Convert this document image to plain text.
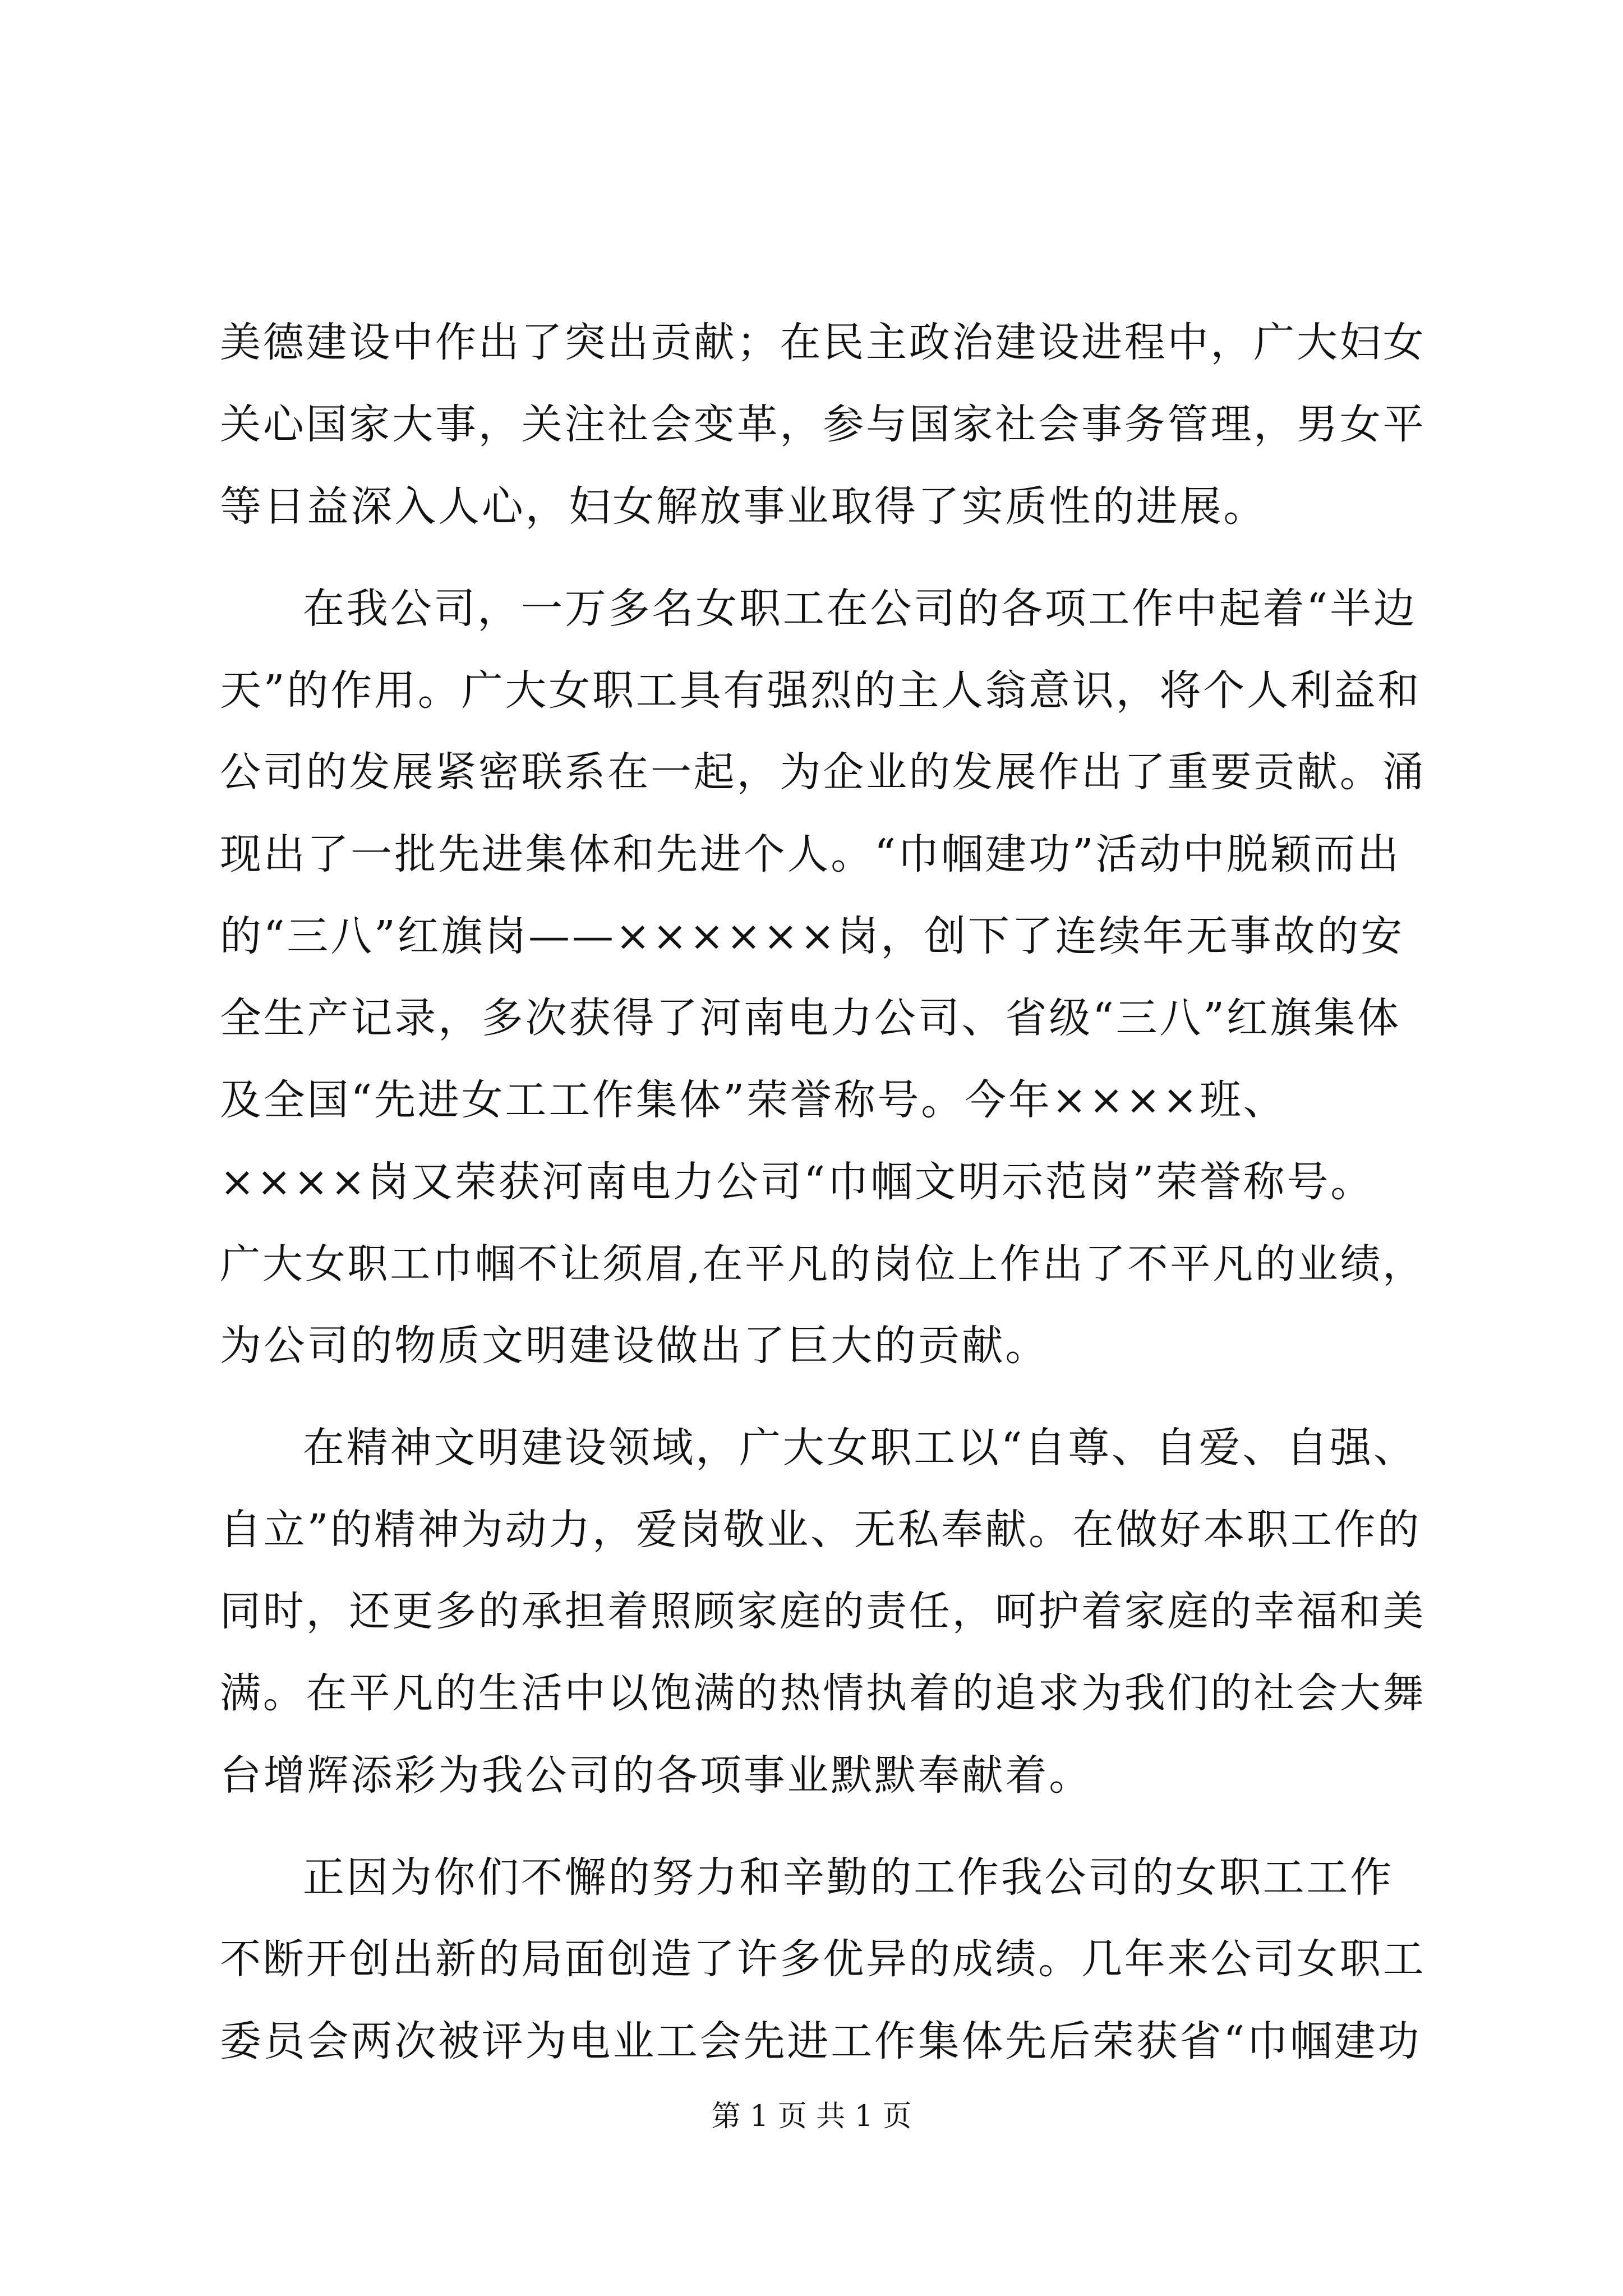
美德建设中作出了突出贡献；在民主政治建设进程中，广大妇女
关心国家大事，关注社会变革，参与国家社会事务管理，男女平
等日益深入人心，妇女解放事业取得了实质性的进展。
在我公司，一万多名女职工在公司的各项工作中起着“半边
天”的作用。广大女职工具有强烈的主人翁意识，将个人利益和
公司的发展紧密联系在一起，为企业的发展作出了重要贡献。涌
现出了一批先进集体和先进个人。“巾帼建功”活动中脱颖而出
的“三八”红旗岗——××××××岗，创下了连续年无事故的安
全生产记录，多次获得了河南电力公司、省级“三八”红旗集体
及全国“先进女工工作集体”荣誉称号。今年××××班、
××××岗又荣获河南电力公司“巾帼文明示范岗”荣誉称号。
广大女职工巾帼不让须眉,在平凡的岗位上作出了不平凡的业绩，
为公司的物质文明建设做出了巨大的贡献。
在精神文明建设领域，广大女职工以“自尊、自爱、自强、
自立”的精神为动力，爱岗敬业、无私奉献。在做好本职工作的
同时，还更多的承担着照顾家庭的责任，呵护着家庭的幸福和美
满。在平凡的生活中以饱满的热情执着的追求为我们的社会大舞
台增辉添彩为我公司的各项事业默默奉献着。
正因为你们不懈的努力和辛勤的工作我公司的女职工工作
不断开创出新的局面创造了许多优异的成绩。几年来公司女职工
委员会两次被评为电业工会先进工作集体先后荣获省“巾帼建功
第 1 页 共 1 页
